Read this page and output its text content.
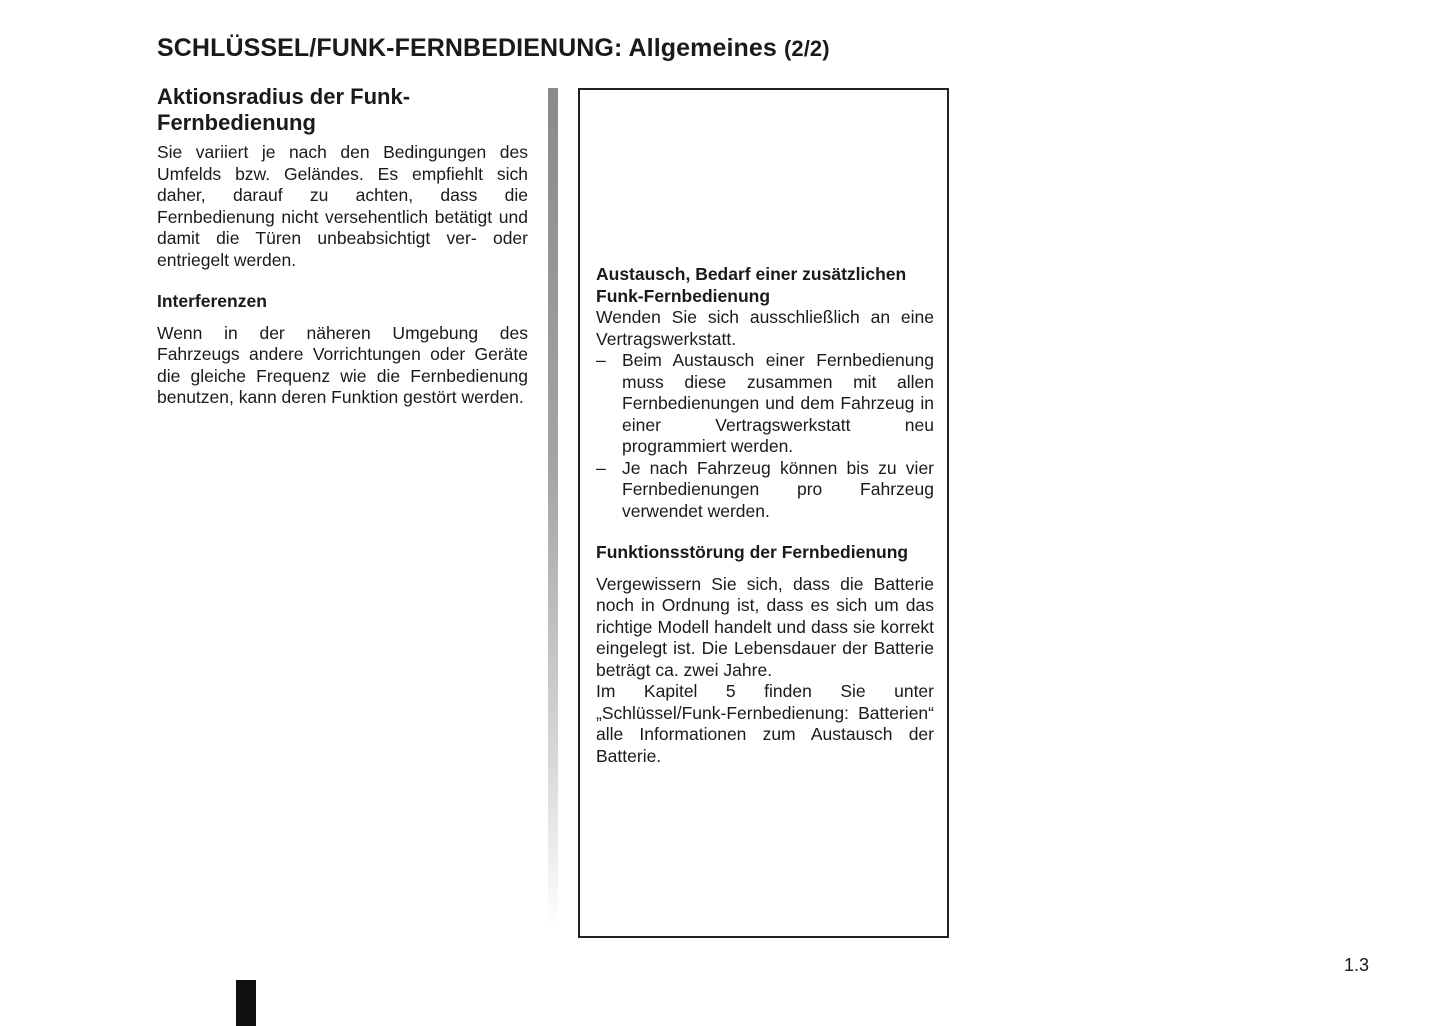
SCHLÜSSEL/FUNK-FERNBEDIENUNG: Allgemeines (2/2)
Aktionsradius der Funk-Fernbedienung

Sie variiert je nach den Bedingungen des Umfelds bzw. Geländes. Es empfiehlt sich daher, darauf zu achten, dass die Fernbedienung nicht versehentlich betätigt und damit die Türen unbeabsichtigt ver- oder entriegelt werden.

Interferenzen

Wenn in der näheren Umgebung des Fahrzeugs andere Vorrichtungen oder Geräte die gleiche Frequenz wie die Fernbedienung benutzen, kann deren Funktion gestört werden.

Austausch, Bedarf einer zusätzlichen Funk-Fernbedienung

Wenden Sie sich ausschließlich an eine Vertragswerkstatt.

– Beim Austausch einer Fernbedienung muss diese zusammen mit allen Fernbedienungen und dem Fahrzeug in einer Vertragswerkstatt neu programmiert werden.
– Je nach Fahrzeug können bis zu vier Fernbedienungen pro Fahrzeug verwendet werden.
Funktionsstörung der Fernbedienung

Vergewissern Sie sich, dass die Batterie noch in Ordnung ist, dass es sich um das richtige Modell handelt und dass sie korrekt eingelegt ist. Die Lebensdauer der Batterie beträgt ca. zwei Jahre.

Im Kapitel 5 finden Sie unter „Schlüssel/Funk-Fernbedienung: Batterien“ alle Informationen zum Austausch der Batterie.

1.3
